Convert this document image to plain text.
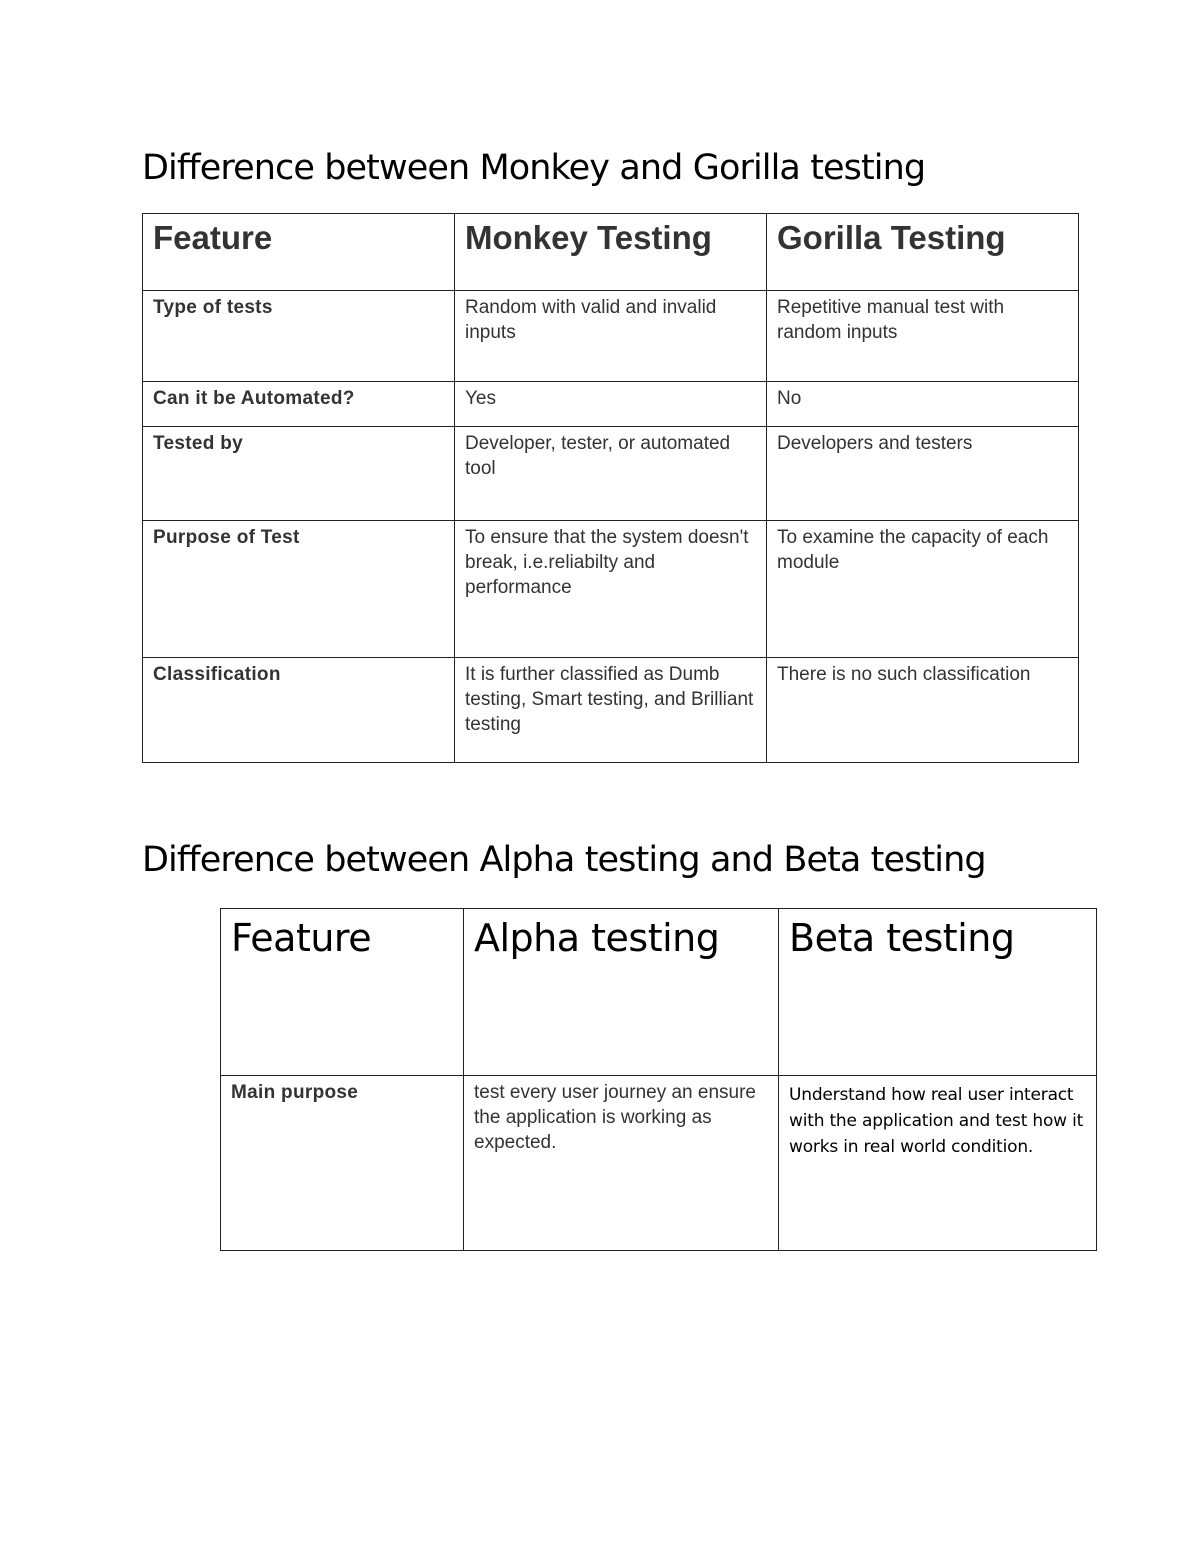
Difference between Monkey and Gorilla testing
Feature	Monkey Testing	Gorilla Testing
Type of tests	Random with valid and invalid inputs	Repetitive manual test with random inputs
Can it be Automated?	Yes	No
Tested by	Developer, tester, or automated tool	Developers and testers
Purpose of Test	To ensure that the system doesn't break, i.e.reliabilty and performance	To examine the capacity of each module
Classification	It is further classified as Dumb testing, Smart testing, and Brilliant testing	There is no such classification
Difference between Alpha testing and Beta testing
Feature	Alpha testing	Beta testing
Main purpose	test every user journey an ensure the application is working as expected.	Understand how real user interact with the application and test how it works in real world condition.
